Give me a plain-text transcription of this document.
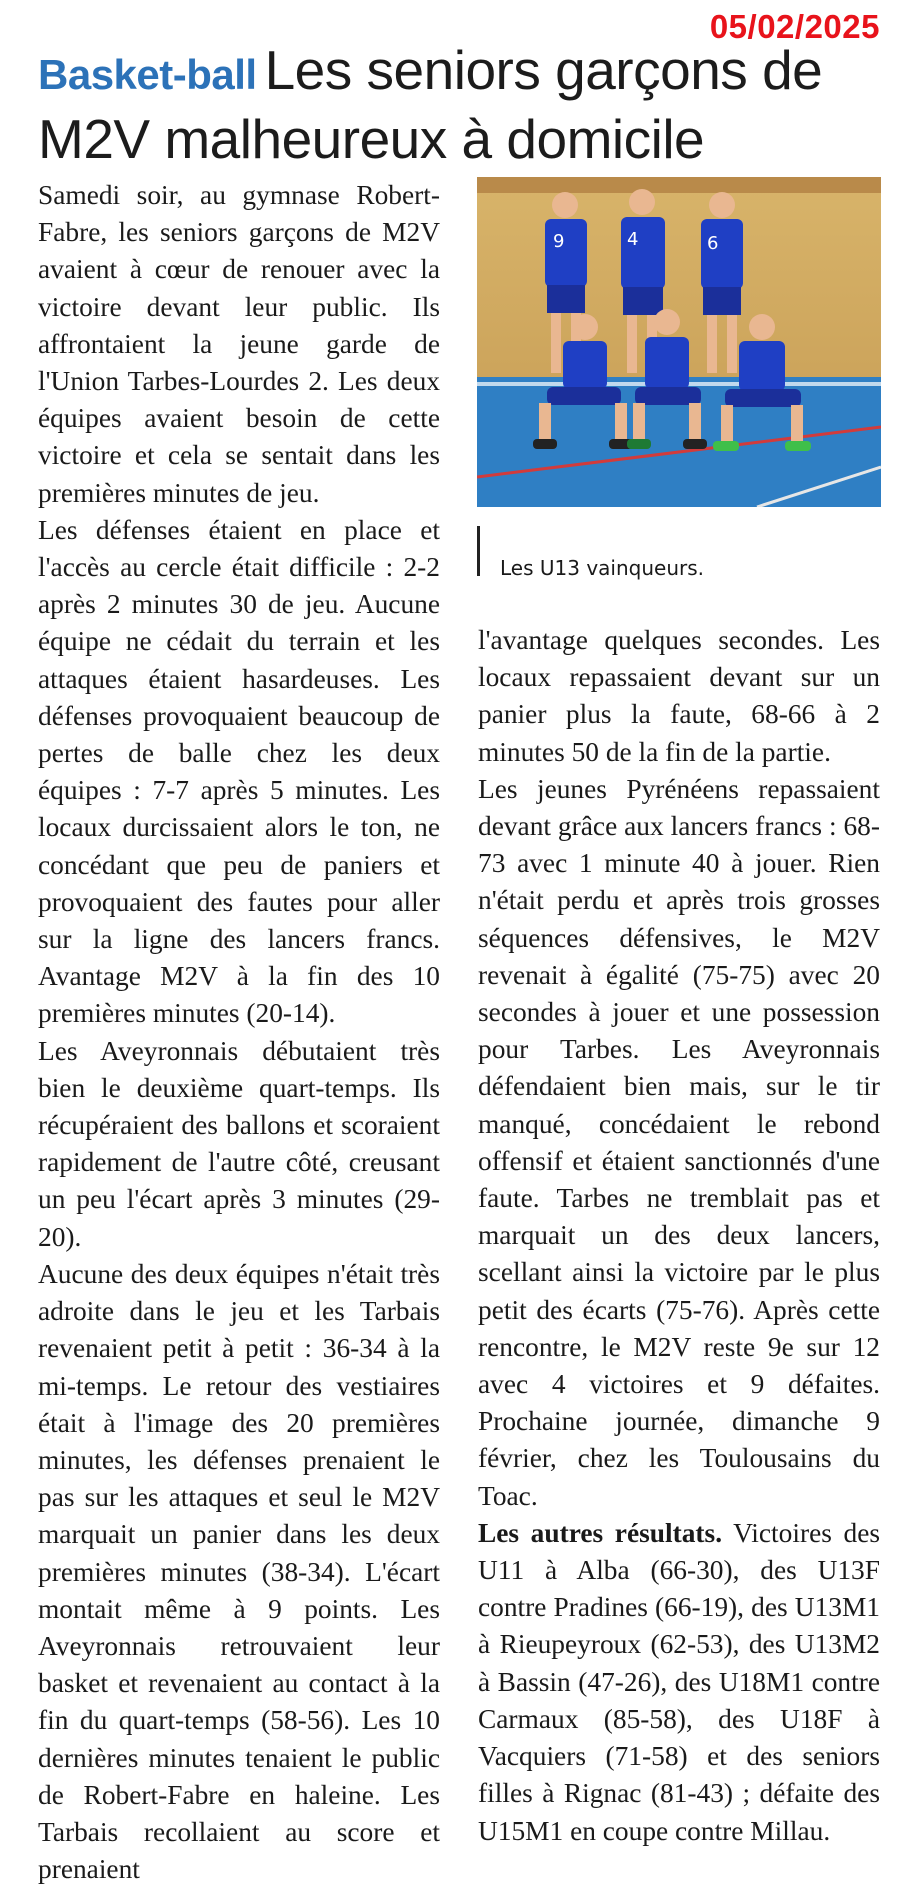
05/02/2025
Basket-ball Les seniors garçons de M2V malheureux à domicile

Samedi soir, au gymnase Robert-Fabre, les seniors garçons de M2V avaient à cœur de renouer avec la victoire devant leur public. Ils affrontaient la jeune garde de l'Union Tarbes-Lourdes 2. Les deux équipes avaient besoin de cette victoire et cela se sentait dans les premières minutes de jeu.

Les défenses étaient en place et l'accès au cercle était difficile : 2-2 après 2 minutes 30 de jeu. Aucune équipe ne cédait du terrain et les attaques étaient hasardeuses. Les défenses provoquaient beaucoup de pertes de balle chez les deux équipes : 7-7 après 5 minutes. Les locaux durcissaient alors le ton, ne concédant que peu de paniers et provoquaient des fautes pour aller sur la ligne des lancers francs. Avantage M2V à la fin des 10 premières minutes (20-14).

Les Aveyronnais débutaient très bien le deuxième quart-temps. Ils récupéraient des ballons et scoraient rapidement de l'autre côté, creusant un peu l'écart après 3 minutes (29-20).

Aucune des deux équipes n'était très adroite dans le jeu et les Tarbais revenaient petit à petit : 36-34 à la mi-temps. Le retour des vestiaires était à l'image des 20 premières minutes, les défenses prenaient le pas sur les attaques et seul le M2V marquait un panier dans les deux premières minutes (38-34). L'écart montait même à 9 points. Les Aveyronnais retrouvaient leur basket et revenaient au contact à la fin du quart-temps (58-56). Les 10 dernières minutes tenaient le public de Robert-Fabre en haleine. Les Tarbais recollaient au score et prenaient

9	4	6
Les U13 vainqueurs.

l'avantage quelques secondes. Les locaux repassaient devant sur un panier plus la faute, 68-66 à 2 minutes 50 de la fin de la partie.

Les jeunes Pyrénéens repassaient devant grâce aux lancers francs : 68-73 avec 1 minute 40 à jouer. Rien n'était perdu et après trois grosses séquences défensives, le M2V revenait à égalité (75-75) avec 20 secondes à jouer et une possession pour Tarbes. Les Aveyronnais défendaient bien mais, sur le tir manqué, concédaient le rebond offensif et étaient sanctionnés d'une faute. Tarbes ne tremblait pas et marquait un des deux lancers, scellant ainsi la victoire par le plus petit des écarts (75-76). Après cette rencontre, le M2V reste 9e sur 12 avec 4 victoires et 9 défaites. Prochaine journée, dimanche 9 février, chez les Toulousains du Toac.

Les autres résultats. Victoires des U11 à Alba (66-30), des U13F contre Pradines (66-19), des U13M1 à Rieupeyroux (62-53), des U13M2 à Bassin (47-26), des U18M1 contre Carmaux (85-58), des U18F à Vacquiers (71-58) et des seniors filles à Rignac (81-43) ; défaite des U15M1 en coupe contre Millau.
